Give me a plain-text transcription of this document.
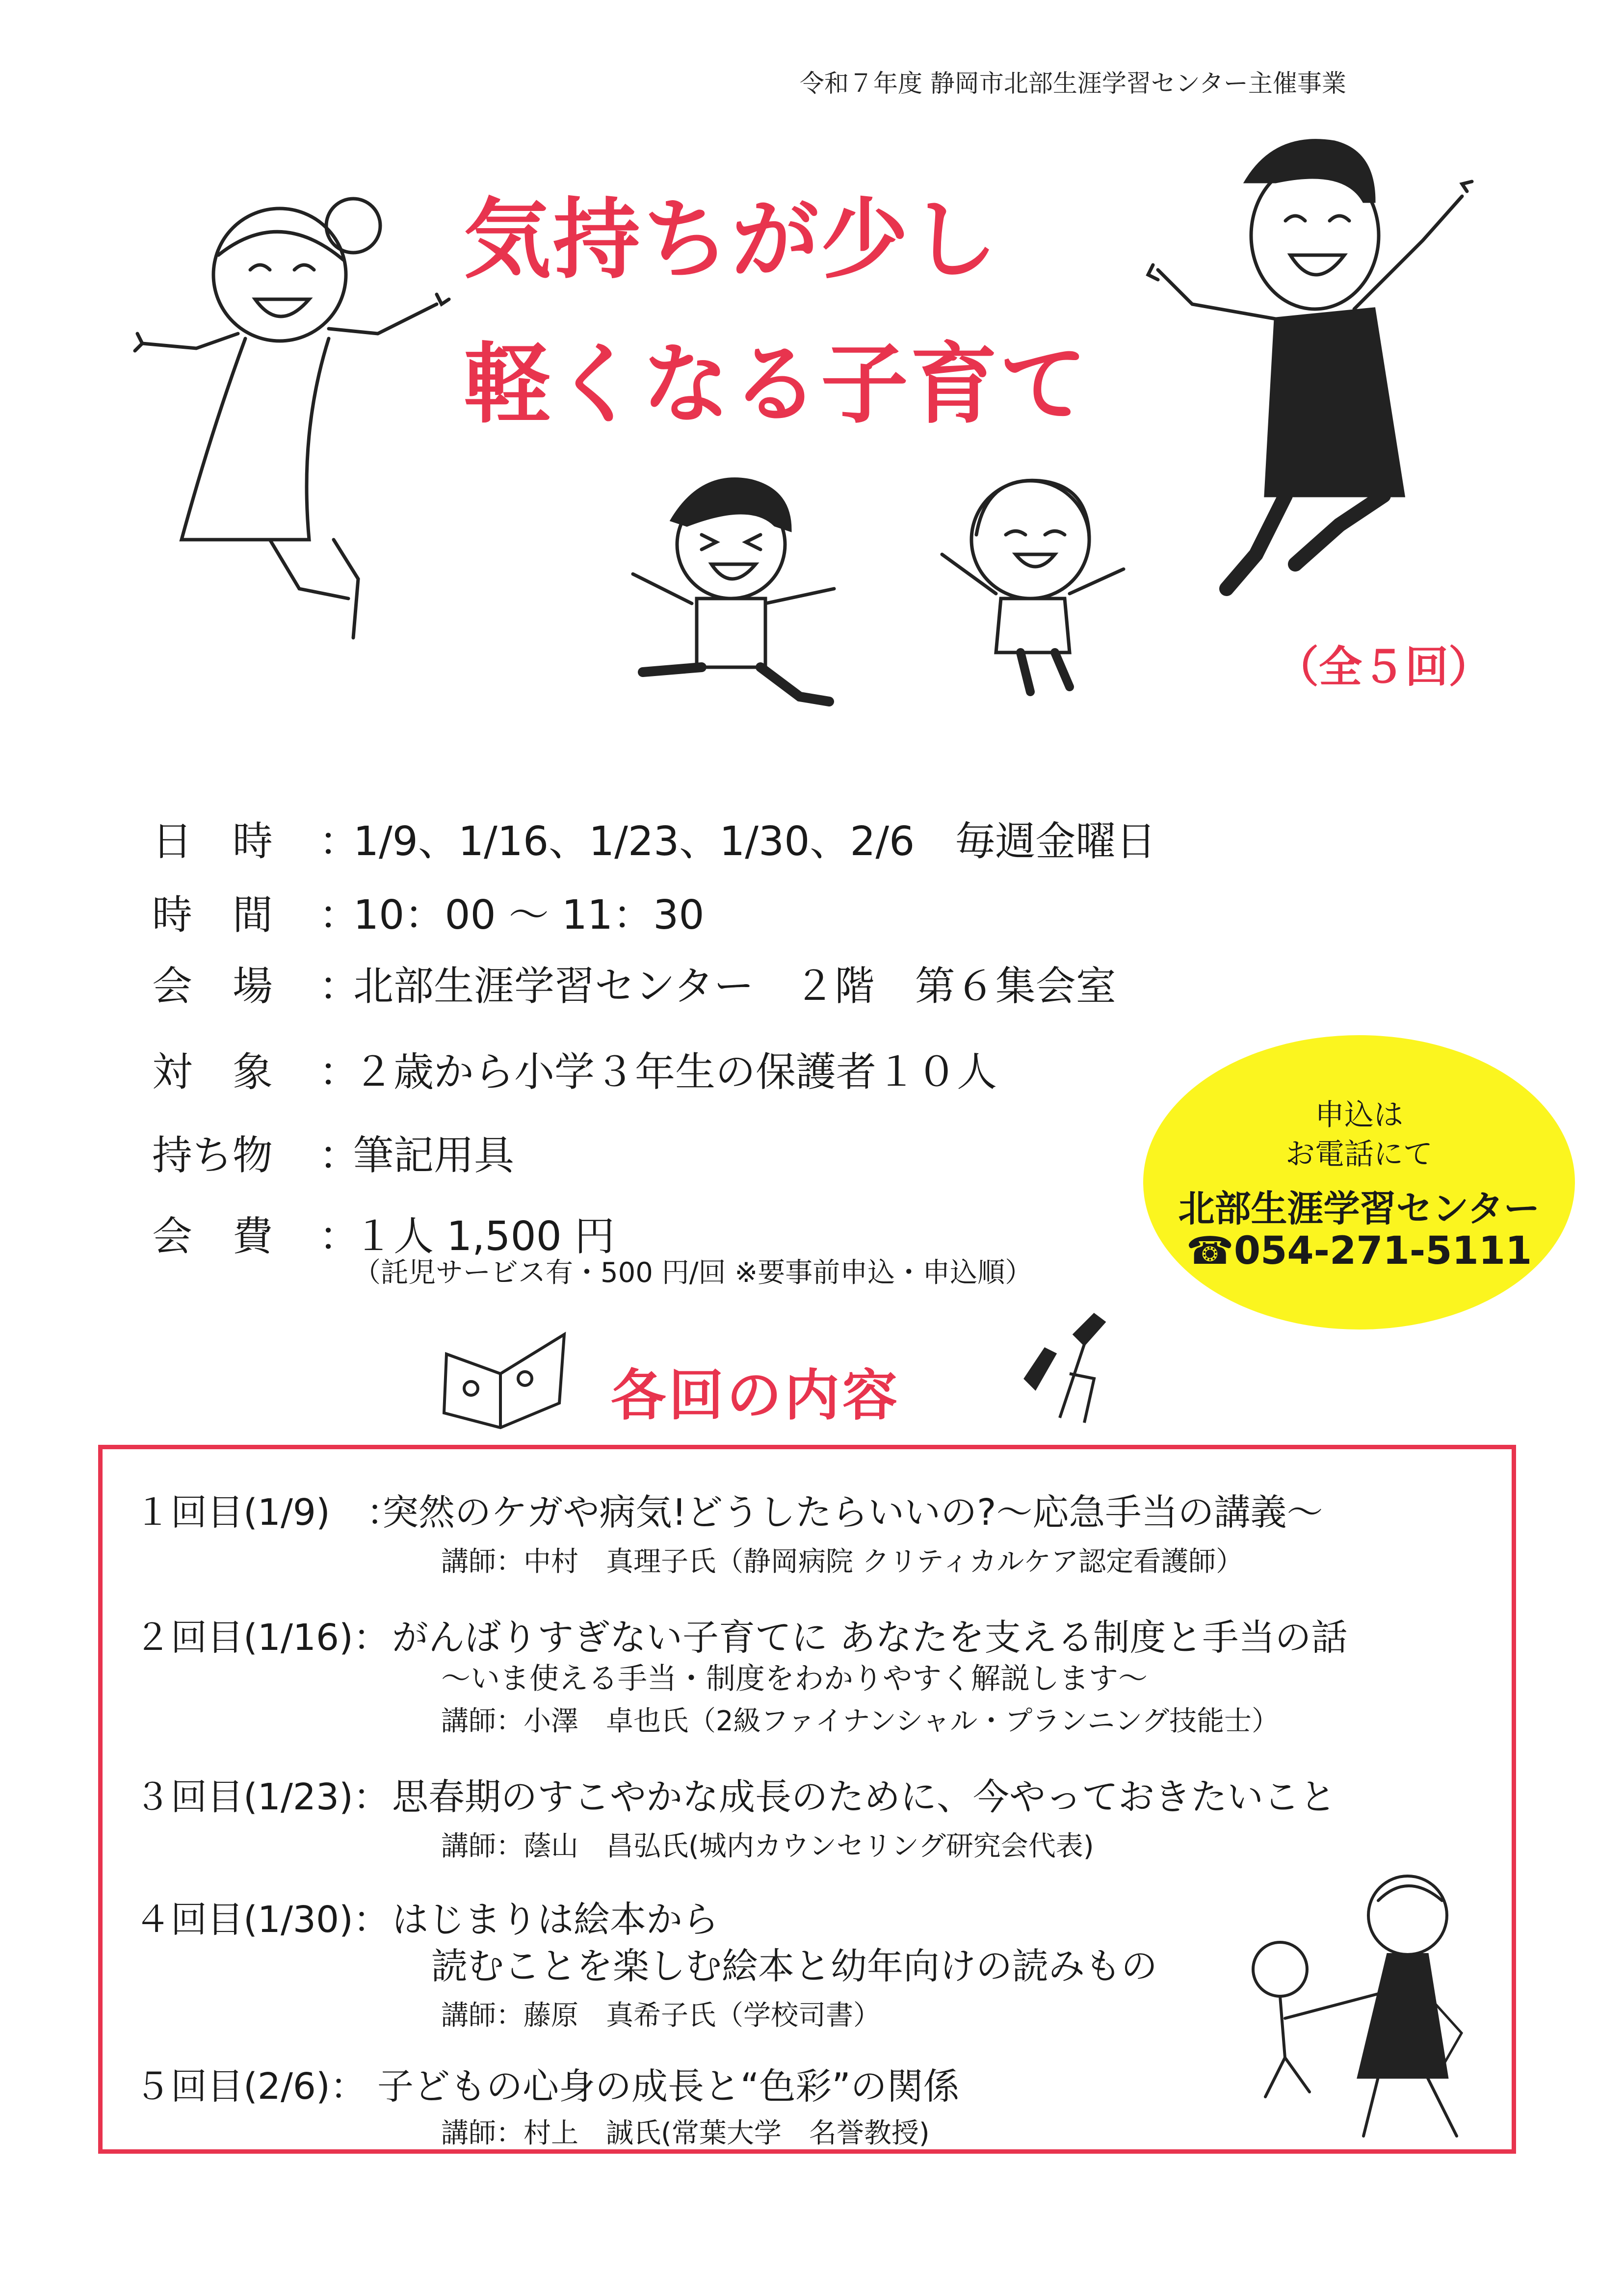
令和７年度 静岡市北部生涯学習センター主催事業
気持ちが少し
軽くなる子育て
（全５回）
日　時 ：1/9、1/16、1/23、1/30、2/6　毎週金曜日
時　間 ：10：00 ～ 11：30
会　場 ：北部生涯学習センター　２階　第６集会室
対　象 ：２歳から小学３年生の保護者１０人
持ち物 ：筆記用具
会　費 ：１人 1,500 円
（託児サービス有・500 円/回 ※要事前申込・申込順）
申込は
お電話にて
北部生涯学習センター
☎054-271-5111
各回の内容
１回目(1/9)　：
突然のケガや病気!どうしたらいいの?～応急手当の講義～
講師：中村　真理子氏（静岡病院 クリティカルケア認定看護師）
２回目(1/16)： がんばりすぎない子育てに あなたを支える制度と手当の話
～いま使える手当・制度をわかりやすく解説します～
講師：小澤　卓也氏（2級ファイナンシャル・プランニング技能士）
３回目(1/23)： 思春期のすこやかな成長のために、今やっておきたいこと
講師：蔭山　昌弘氏(城内カウンセリング研究会代表)
４回目(1/30)： はじまりは絵本から
読むことを楽しむ絵本と幼年向けの読みもの
講師：藤原　真希子氏（学校司書）
５回目(2/6)： 子どもの心身の成長と“色彩”の関係
講師：村上　誠氏(常葉大学　名誉教授)
